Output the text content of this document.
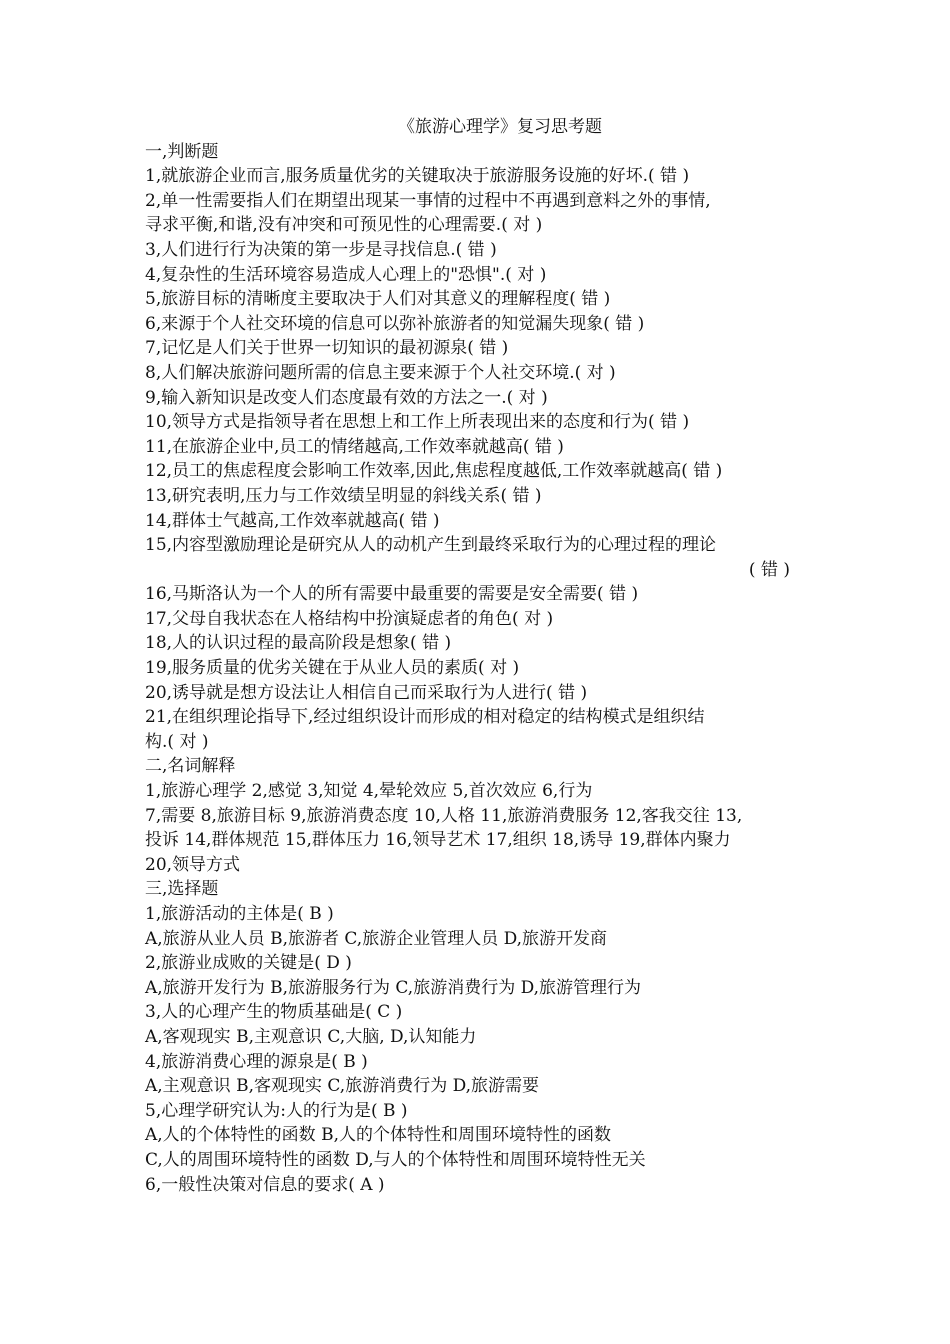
《旅游心理学》复习思考题
一,判断题
1,就旅游企业而言,服务质量优劣的关键取决于旅游服务设施的好坏.( 错 )
2,单一性需要指人们在期望出现某一事情的过程中不再遇到意料之外的事情,
寻求平衡,和谐,没有冲突和可预见性的心理需要.( 对 )
3,人们进行行为决策的第一步是寻找信息.( 错 )
4,复杂性的生活环境容易造成人心理上的"恐惧".( 对 )
5,旅游目标的清晰度主要取决于人们对其意义的理解程度( 错 )
6,来源于个人社交环境的信息可以弥补旅游者的知觉漏失现象( 错 )
7,记忆是人们关于世界一切知识的最初源泉( 错 )
8,人们解决旅游问题所需的信息主要来源于个人社交环境.( 对 )
9,输入新知识是改变人们态度最有效的方法之一.( 对 )
10,领导方式是指领导者在思想上和工作上所表现出来的态度和行为( 错 )
11,在旅游企业中,员工的情绪越高,工作效率就越高( 错 )
12,员工的焦虑程度会影响工作效率,因此,焦虑程度越低,工作效率就越高( 错 )
13,研究表明,压力与工作效绩呈明显的斜线关系( 错 )
14,群体士气越高,工作效率就越高( 错 )
15,内容型激励理论是研究从人的动机产生到最终采取行为的心理过程的理论
( 错 )
16,马斯洛认为一个人的所有需要中最重要的需要是安全需要( 错 )
17,父母自我状态在人格结构中扮演疑虑者的角色( 对 )
18,人的认识过程的最高阶段是想象( 错 )
19,服务质量的优劣关键在于从业人员的素质( 对 )
20,诱导就是想方设法让人相信自己而采取行为人进行( 错 )
21,在组织理论指导下,经过组织设计而形成的相对稳定的结构模式是组织结
构.( 对 )
二,名词解释
1,旅游心理学 2,感觉 3,知觉 4,晕轮效应 5,首次效应 6,行为
7,需要 8,旅游目标 9,旅游消费态度 10,人格 11,旅游消费服务 12,客我交往 13,
投诉 14,群体规范 15,群体压力 16,领导艺术 17,组织 18,诱导 19,群体内聚力
20,领导方式
三,选择题
1,旅游活动的主体是( B )
A,旅游从业人员 B,旅游者 C,旅游企业管理人员 D,旅游开发商
2,旅游业成败的关键是( D )
A,旅游开发行为 B,旅游服务行为 C,旅游消费行为 D,旅游管理行为
3,人的心理产生的物质基础是( C )
A,客观现实 B,主观意识 C,大脑, D,认知能力
4,旅游消费心理的源泉是( B )
A,主观意识 B,客观现实 C,旅游消费行为 D,旅游需要
5,心理学研究认为:人的行为是( B )
A,人的个体特性的函数 B,人的个体特性和周围环境特性的函数
C,人的周围环境特性的函数 D,与人的个体特性和周围环境特性无关
6,一般性决策对信息的要求( A )
